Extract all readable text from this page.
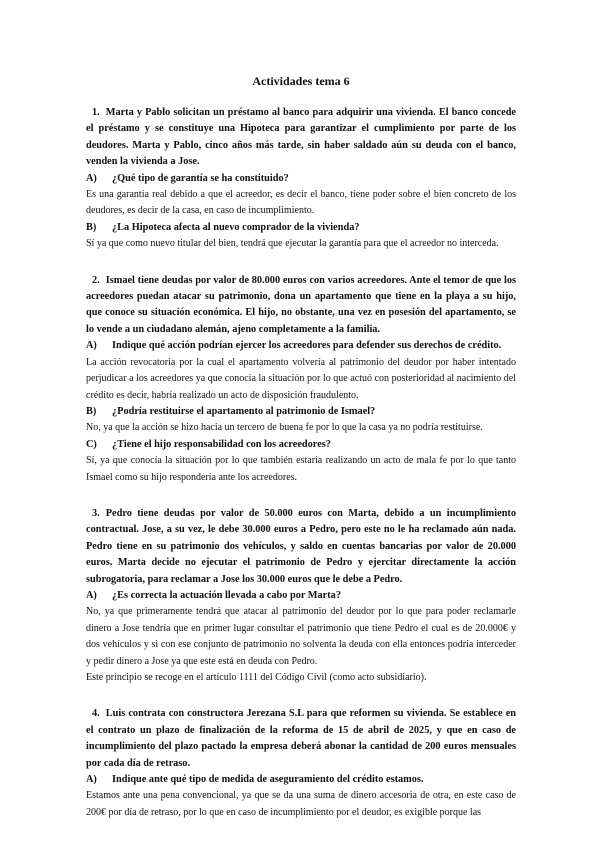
Actividades tema 6

1. Marta y Pablo solicitan un préstamo al banco para adquirir una vivienda. El banco concede el préstamo y se constituye una Hipoteca para garantizar el cumplimiento por parte de los deudores. Marta y Pablo, cinco años más tarde, sin haber saldado aún su deuda con el banco, venden la vivienda a Jose.

A) ¿Qué tipo de garantía se ha constituido?

Es una garantía real debido a que el acreedor, es decir el banco, tiene poder sobre el bien concreto de los deudores, es decir de la casa, en caso de incumplimiento.

B) ¿La Hipoteca afecta al nuevo comprador de la vivienda?

Sí ya que como nuevo titular del bien, tendrá que ejecutar la garantía para que el acreedor no interceda.

2. Ismael tiene deudas por valor de 80.000 euros con varios acreedores. Ante el temor de que los acreedores puedan atacar su patrimonio, dona un apartamento que tiene en la playa a su hijo, que conoce su situación económica. El hijo, no obstante, una vez en posesión del apartamento, se lo vende a un ciudadano alemán, ajeno completamente a la familia.

A) Indique qué acción podrían ejercer los acreedores para defender sus derechos de crédito.

La acción revocatoria por la cual el apartamento volvería al patrimonio del deudor por haber intentado perjudicar a los acreedores ya que conocía la situación por lo que actuó con posterioridad al nacimiento del crédito es decir, habría realizado un acto de disposición fraudulento.

B) ¿Podría restituirse el apartamento al patrimonio de Ismael?

No, ya que la acción se hizo hacia un tercero de buena fe por lo que la casa ya no podría restituirse.

C) ¿Tiene el hijo responsabilidad con los acreedores?

Sí, ya que conocía la situación por lo que también estaría realizando un acto de mala fe por lo que tanto Ismael como su hijo respondería ante los acreedores.

3. Pedro tiene deudas por valor de 50.000 euros con Marta, debido a un incumplimiento contractual. Jose, a su vez, le debe 30.000 euros a Pedro, pero este no le ha reclamado aún nada. Pedro tiene en su patrimonio dos vehículos, y saldo en cuentas bancarias por valor de 20.000 euros. Marta decide no ejecutar el patrimonio de Pedro y ejercitar directamente la acción subrogatoria, para reclamar a Jose los 30.000 euros que le debe a Pedro.

A) ¿Es correcta la actuación llevada a cabo por Marta?

No, ya que primeramente tendrá que atacar al patrimonio del deudor por lo que para poder reclamarle dinero a Jose tendría que en primer lugar consultar el patrimonio que tiene Pedro el cual es de 20.000€ y dos vehículos y si con ese conjunto de patrimonio no solventa la deuda con ella entonces podría interceder y pedir dinero a Jose ya que este está en deuda con Pedro.

Este principio se recoge en el artículo 1111 del Código Civil (como acto subsidiario).

4. Luis contrata con constructora Jerezana S.L para que reformen su vivienda. Se establece en el contrato un plazo de finalización de la reforma de 15 de abril de 2025, y que en caso de incumplimiento del plazo pactado la empresa deberá abonar la cantidad de 200 euros mensuales por cada día de retraso.

A) Indique ante qué tipo de medida de aseguramiento del crédito estamos.

Estamos ante una pena convencional, ya que se da una suma de dinero accesoria de otra, en este caso de 200€ por día de retraso, por lo que en caso de incumplimiento por el deudor, es exigible porque las
